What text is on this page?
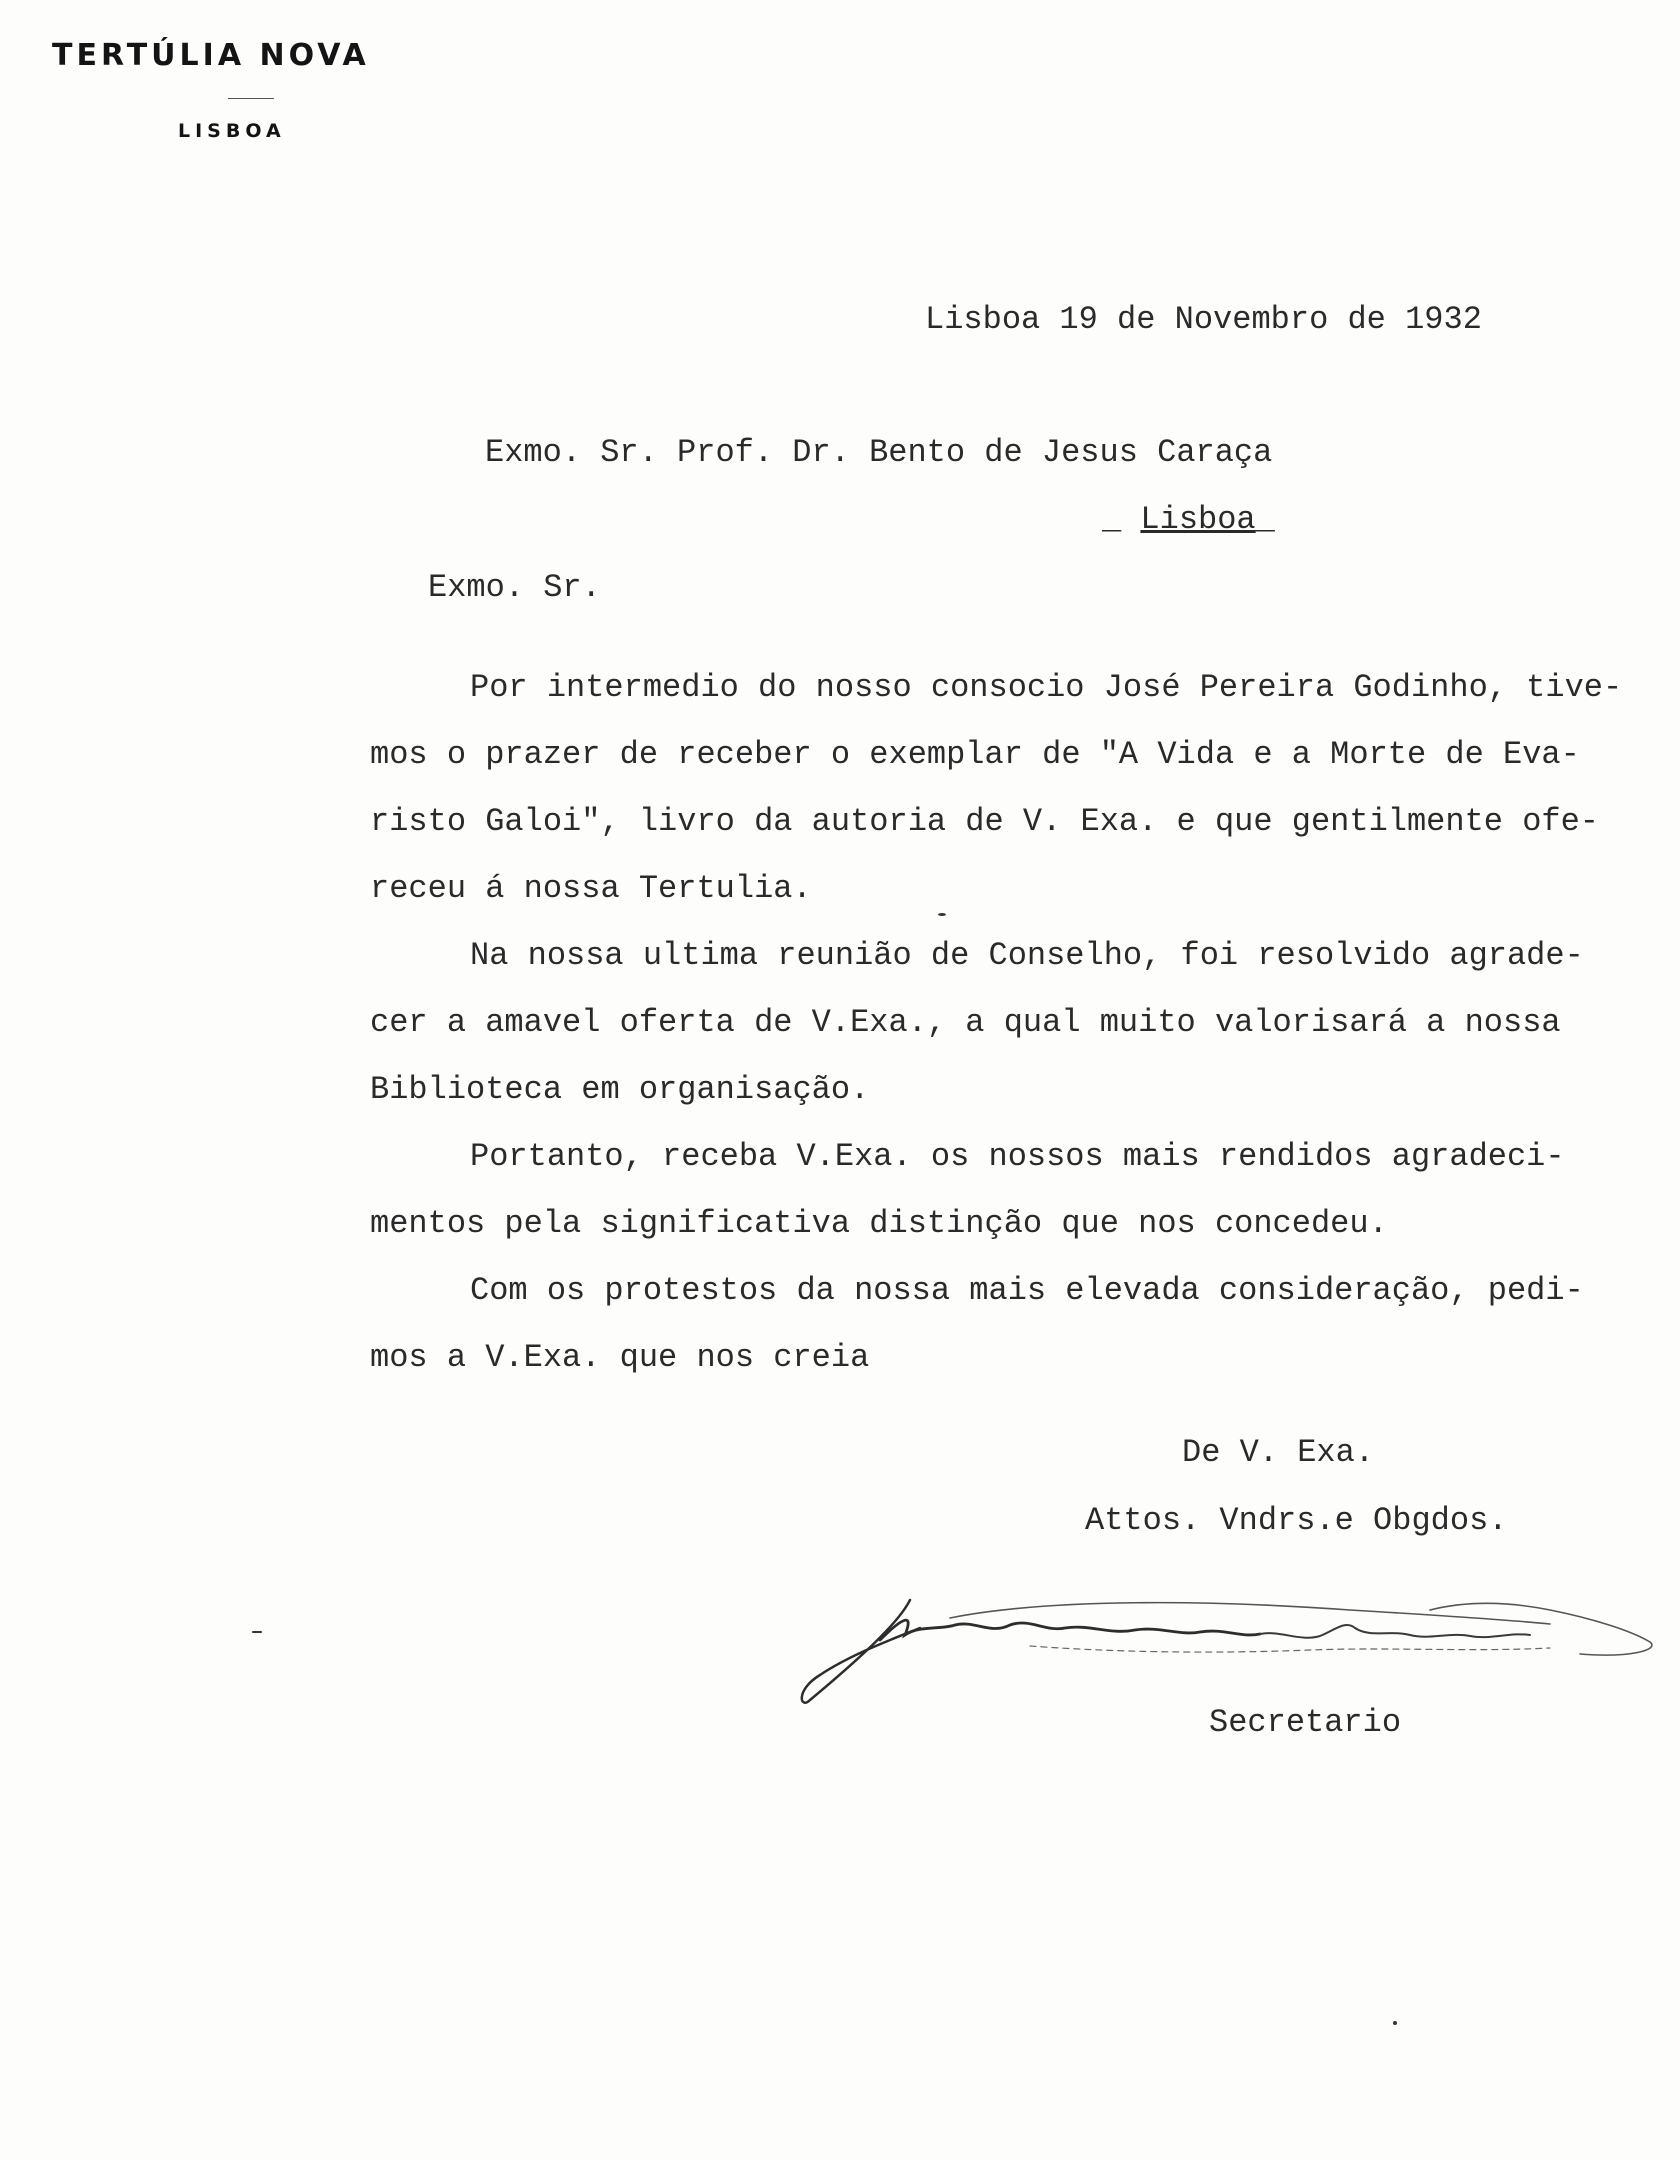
TERTÚLIA NOVA
LISBOA
Lisboa 19 de Novembro de 1932
Exmo. Sr. Prof. Dr. Bento de Jesus Caraça
_ Lisboa_
Exmo. Sr.
Por intermedio do nosso consocio José Pereira Godinho, tive-
mos o prazer de receber o exemplar de "A Vida e a Morte de Eva-
risto Galoi", livro da autoria de V. Exa. e que gentilmente ofe-
receu á nossa Tertulia.
Na nossa ultima reunião de Conselho, foi resolvido agrade-
cer a amavel oferta de V.Exa., a qual muito valorisará a nossa
Biblioteca em organisação.
Portanto, receba V.Exa. os nossos mais rendidos agradeci-
mentos pela significativa distinção que nos concedeu.
Com os protestos da nossa mais elevada consideração, pedi-
mos a V.Exa. que nos creia
De V. Exa.
Attos. Vndrs.e Obgdos.
Secretario
